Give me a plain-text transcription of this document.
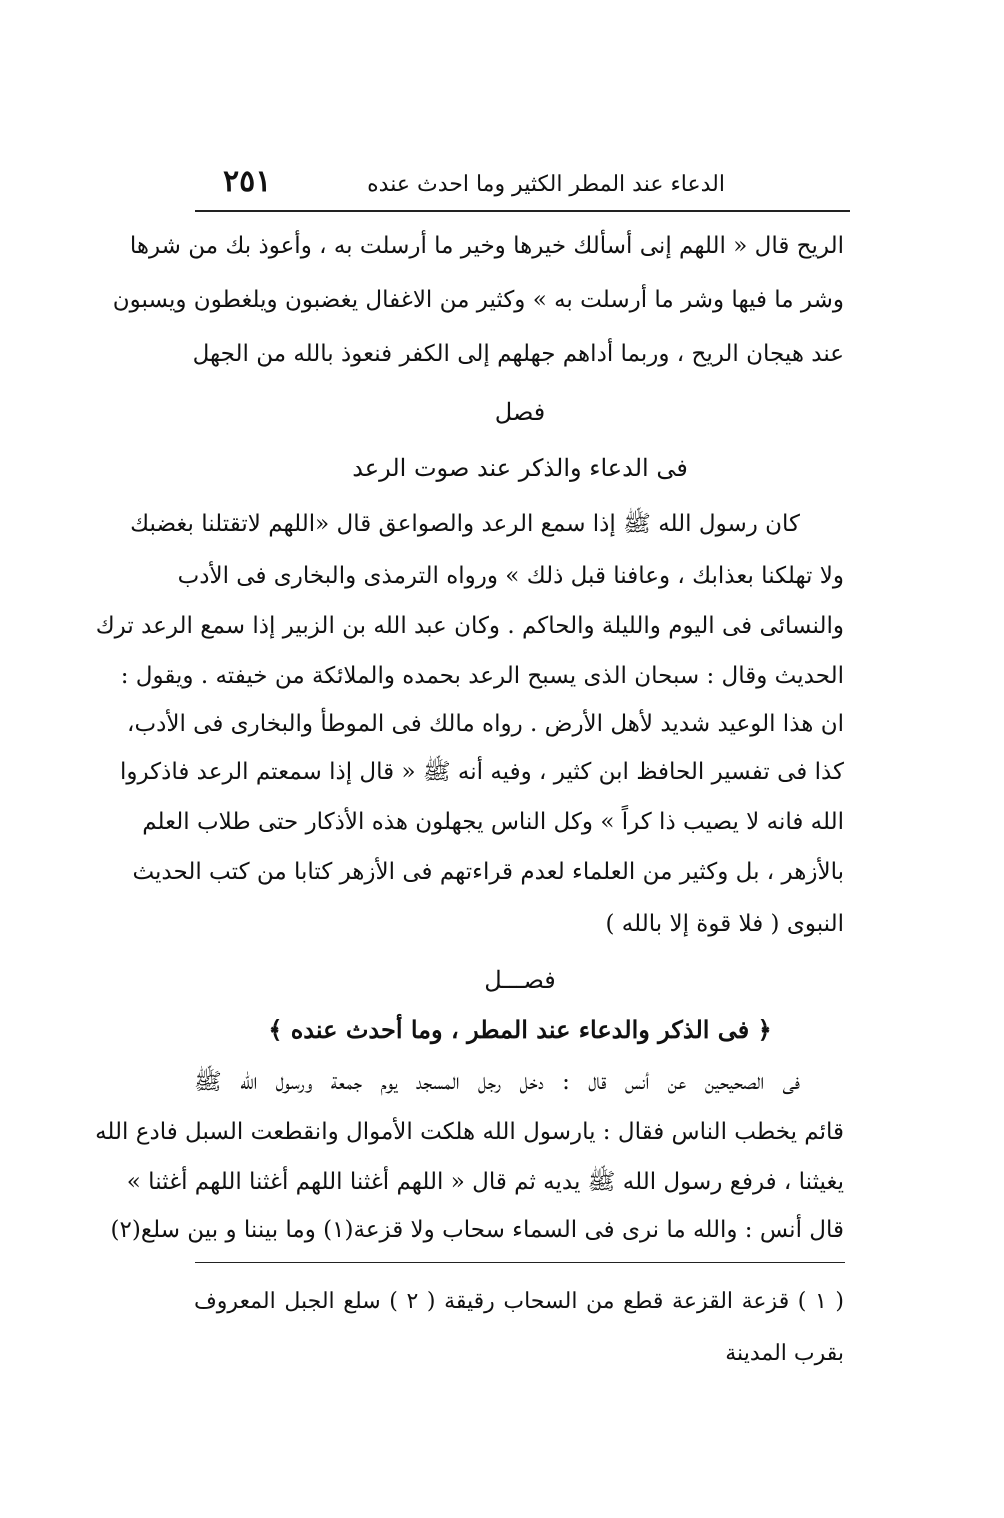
الدعاء عند المطر الكثير وما احدث عنده
٢٥١
الريح قال « اللهم إنى أسألك خيرها وخير ما أرسلت به ، وأعوذ بك من شرها
وشر ما فيها وشر ما أرسلت به » وكثير من الاغفال يغضبون ويلغطون ويسبون
عند هيجان الريح ، وربما أداهم جهلهم إلى الكفر فنعوذ بالله من الجهل
فصل
فى الدعاء والذكر عند صوت الرعد
كان رسول الله ﷺ إذا سمع الرعد والصواعق قال «اللهم لاتقتلنا بغضبك
ولا تهلكنا بعذابك ، وعافنا قبل ذلك » ورواه الترمذى والبخارى فى الأدب
والنسائى فى اليوم والليلة والحاكم . وكان عبد الله بن الزبير إذا سمع الرعد ترك
الحديث وقال : سبحان الذى يسبح الرعد بحمده والملائكة من خيفته . ويقول :
ان هذا الوعيد شديد لأهل الأرض . رواه مالك فى الموطأ والبخارى فى الأدب،
كذا فى تفسير الحافظ ابن كثير ، وفيه أنه ﷺ « قال إذا سمعتم الرعد فاذكروا
الله فانه لا يصيب ذا كراً » وكل الناس يجهلون هذه الأذكار حتى طلاب العلم
بالأزهر ، بل وكثير من العلماء لعدم قراءتهم فى الأزهر كتابا من كتب الحديث
النبوى ( فلا قوة إلا بالله )
فصـــل
﴿ فى الذكر والدعاء عند المطر ، وما أحدث عنده ﴾
فى الصحيحين عن أنس قال : دخل رجل المسجد يوم جمعة ورسول الله ﷺ
قائم يخطب الناس فقال : يارسول الله هلكت الأموال وانقطعت السبل فادع الله
يغيثنا ، فرفع رسول الله ﷺ يديه ثم قال « اللهم أغثنا اللهم أغثنا اللهم أغثنا »
قال أنس : والله ما نرى فى السماء سحاب ولا قزعة(١) وما بيننا و بين سلع(٢)
( ١ ) قزعة القزعة قطع من السحاب رقيقة ( ٢ ) سلع الجبل المعروف
بقرب المدينة
